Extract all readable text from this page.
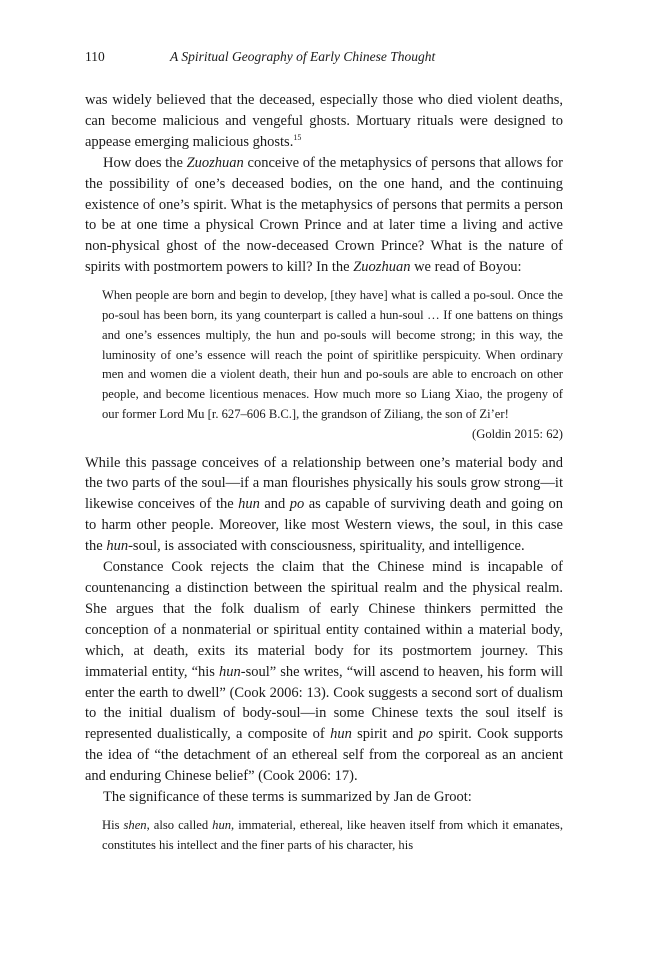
110	A Spiritual Geography of Early Chinese Thought

was widely believed that the deceased, especially those who died violent deaths, can become malicious and vengeful ghosts. Mortuary rituals were designed to appease emerging malicious ghosts.$^{15}$

How does the Zuozhuan conceive of the metaphysics of persons that allows for the possibility of one’s deceased bodies, on the one hand, and the continuing existence of one’s spirit. What is the metaphysics of persons that permits a person to be at one time a physical Crown Prince and at later time a living and active non-physical ghost of the now-deceased Crown Prince? What is the nature of spirits with postmortem powers to kill? In the Zuozhuan we read of Boyou:

When people are born and begin to develop, [they have] what is called a po-soul. Once the po-soul has been born, its yang counterpart is called a hun-soul … If one battens on things and one’s essences multiply, the hun and po-souls will become strong; in this way, the luminosity of one’s essence will reach the point of spiritlike perspicuity. When ordinary men and women die a violent death, their hun and po-souls are able to encroach on other people, and become licentious menaces. How much more so Liang Xiao, the progeny of our former Lord Mu [r. 627–606 B.C.], the grandson of Ziliang, the son of Zi’er!

(Goldin 2015: 62)

While this passage conceives of a relationship between one’s material body and the two parts of the soul—if a man flourishes physically his souls grow strong—it likewise conceives of the hun and po as capable of surviving death and going on to harm other people. Moreover, like most Western views, the soul, in this case the hun-soul, is associated with consciousness, spirituality, and intelligence.

Constance Cook rejects the claim that the Chinese mind is incapable of countenancing a distinction between the spiritual realm and the physical realm. She argues that the folk dualism of early Chinese thinkers permitted the conception of a nonmaterial or spiritual entity contained within a material body, which, at death, exits its material body for its postmortem journey. This immaterial entity, “his hun-soul” she writes, “will ascend to heaven, his form will enter the earth to dwell” (Cook 2006: 13). Cook suggests a second sort of dualism to the initial dualism of body-soul—in some Chinese texts the soul itself is represented dualistically, a composite of hun spirit and po spirit. Cook supports the idea of “the detachment of an ethereal self from the corporeal as an ancient and enduring Chinese belief” (Cook 2006: 17).

The significance of these terms is summarized by Jan de Groot:

His shen, also called hun, immaterial, ethereal, like heaven itself from which it emanates, constitutes his intellect and the finer parts of his character, his
